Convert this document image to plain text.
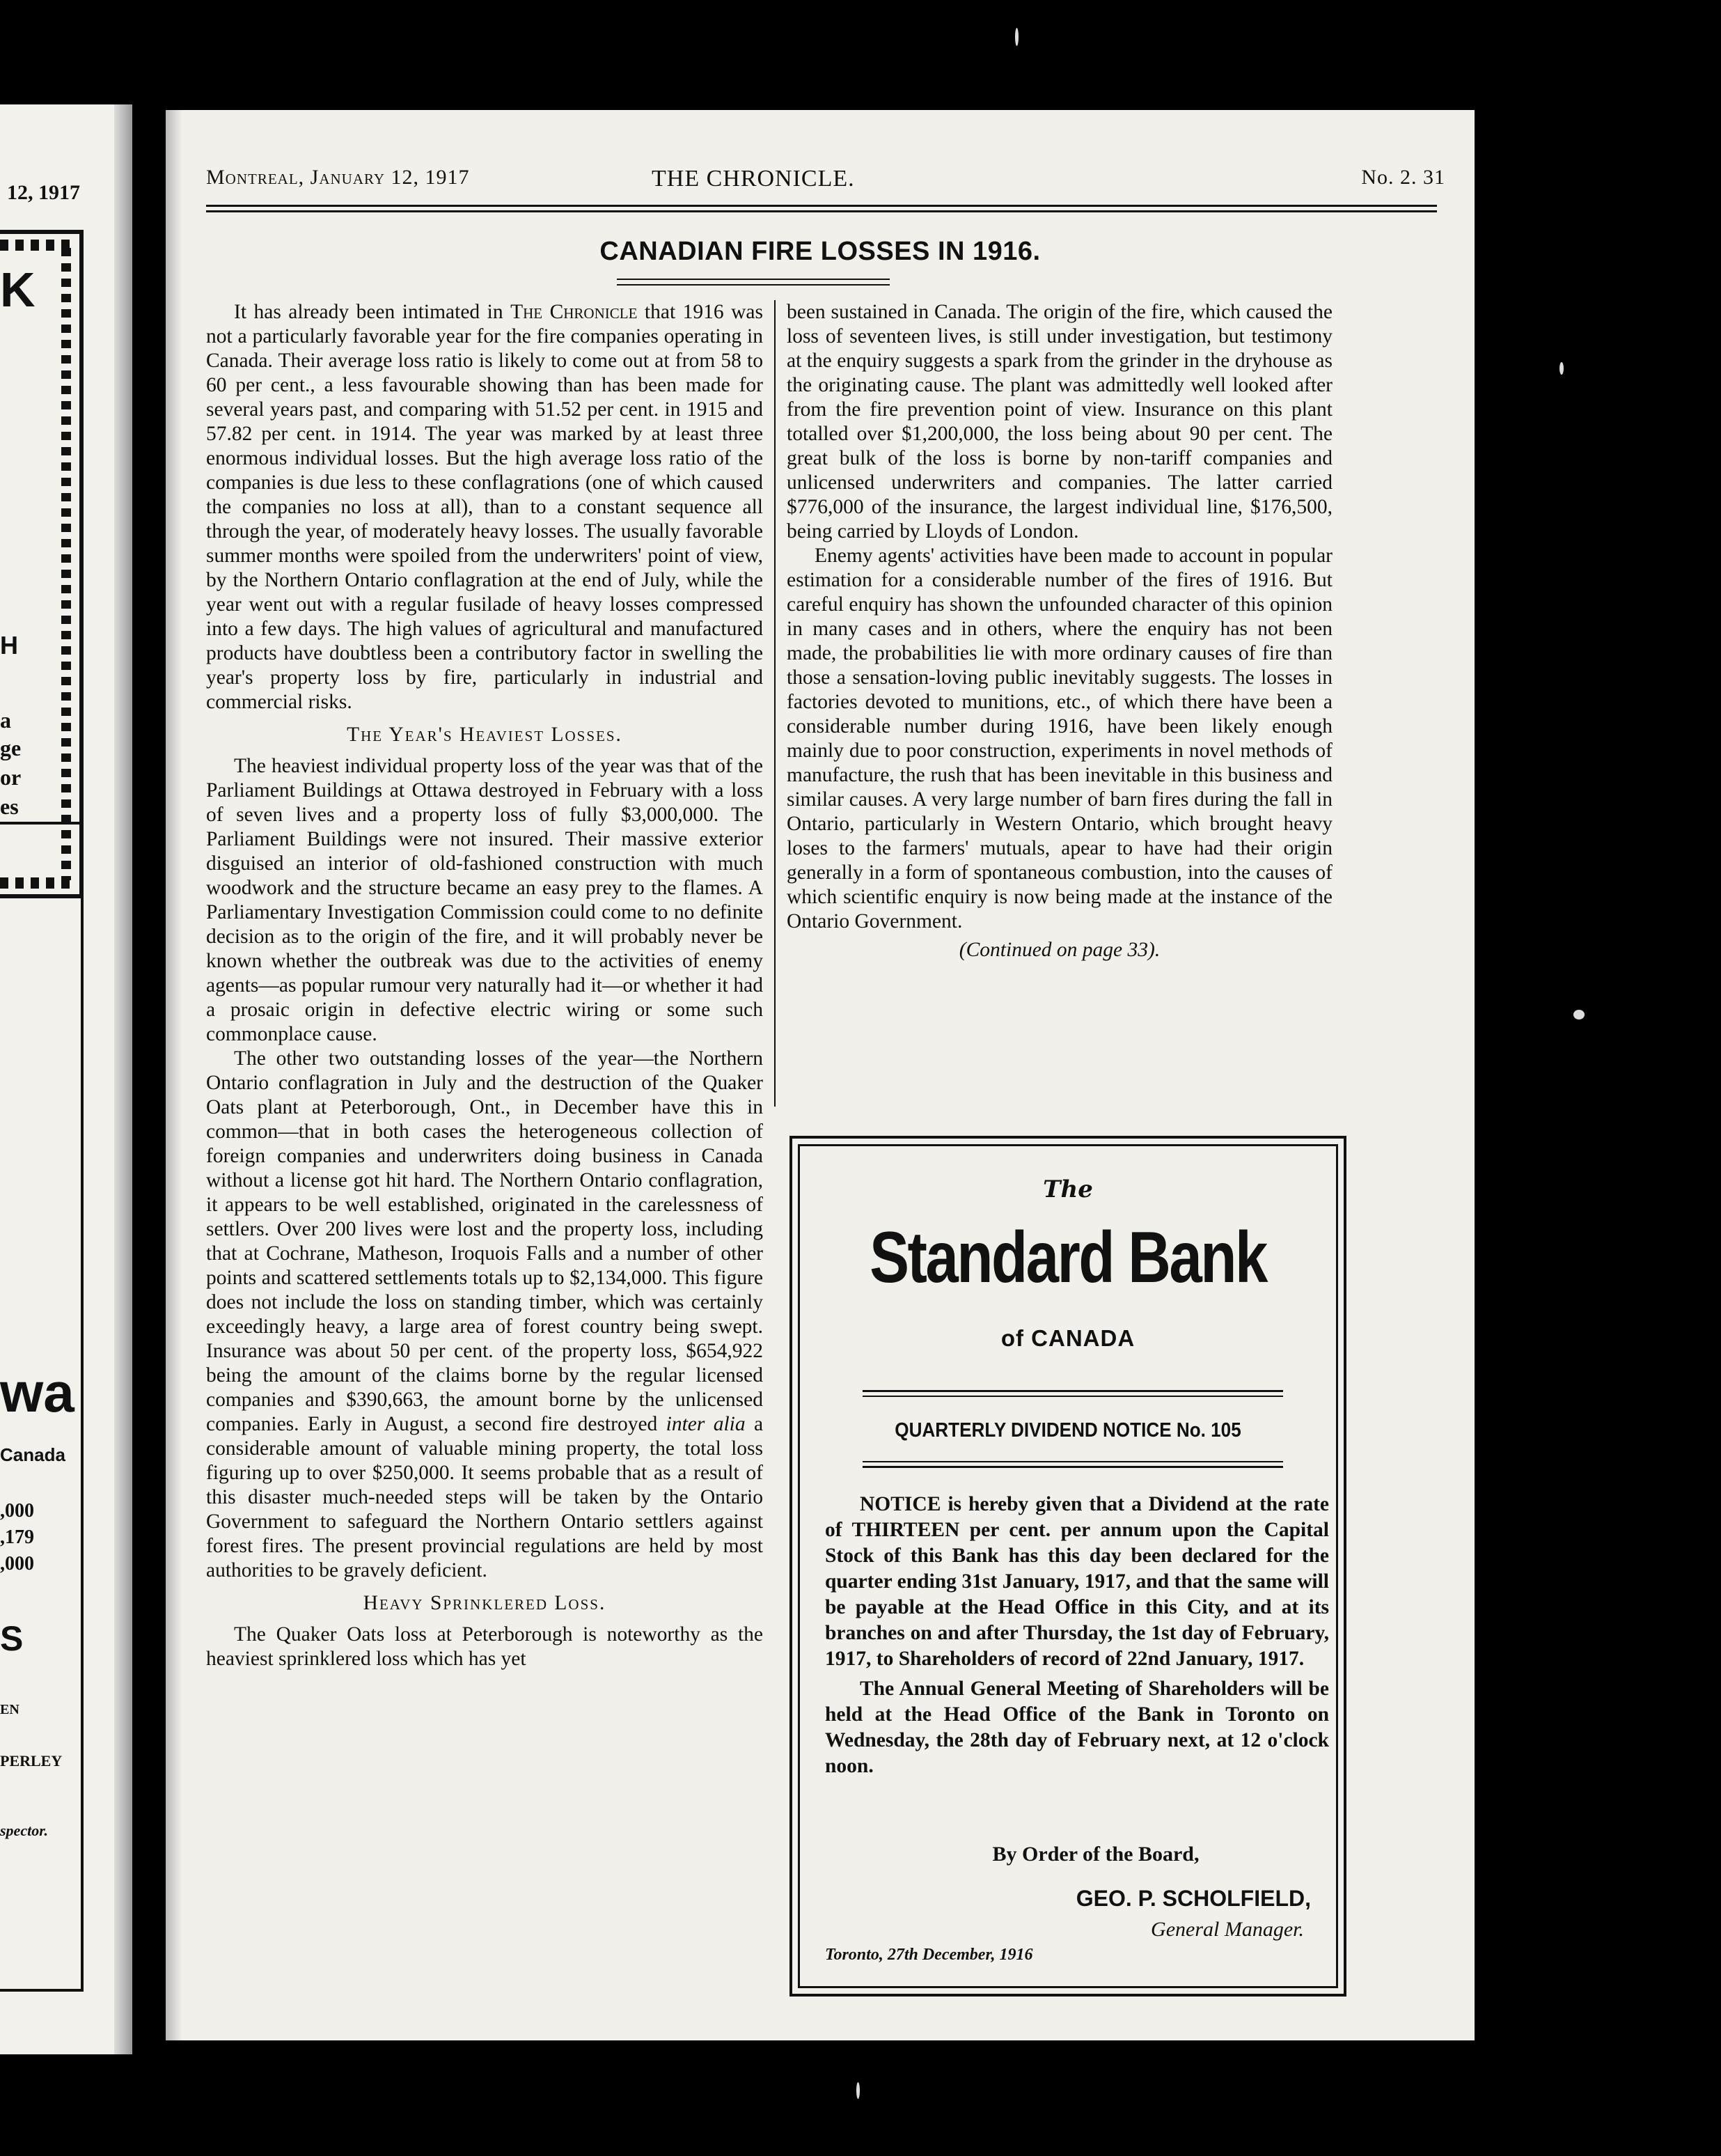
12, 1917
K
H
a
ge
or
es
wa
Canada
,000
,179
,000
S
EN
PERLEY
spector.
Montreal, January 12, 1917	THE CHRONICLE.	No. 2. 31
CANADIAN FIRE LOSSES IN 1916.

It has already been intimated in The Chronicle that 1916 was not a particularly favorable year for the fire companies operating in Canada. Their average loss ratio is likely to come out at from 58 to 60 per cent., a less favourable showing than has been made for several years past, and comparing with 51.52 per cent. in 1915 and 57.82 per cent. in 1914. The year was marked by at least three enormous individual losses. But the high average loss ratio of the companies is due less to these conflagrations (one of which caused the companies no loss at all), than to a constant sequence all through the year, of moderately heavy losses. The usually favorable summer months were spoiled from the underwriters' point of view, by the Northern Ontario conflagration at the end of July, while the year went out with a regular fusilade of heavy losses compressed into a few days. The high values of agricultural and manufactured products have doubtless been a contributory factor in swelling the year's property loss by fire, particularly in industrial and commercial risks.

The Year's Heaviest Losses.

The heaviest individual property loss of the year was that of the Parliament Buildings at Ottawa destroyed in February with a loss of seven lives and a property loss of fully $3,000,000. The Parliament Buildings were not insured. Their massive exterior disguised an interior of old-fashioned construction with much woodwork and the structure became an easy prey to the flames. A Parliamentary Investigation Commission could come to no definite decision as to the origin of the fire, and it will probably never be known whether the outbreak was due to the activities of enemy agents—as popular rumour very naturally had it—or whether it had a prosaic origin in defective electric wiring or some such commonplace cause.

The other two outstanding losses of the year—the Northern Ontario conflagration in July and the destruction of the Quaker Oats plant at Peterborough, Ont., in December have this in common—that in both cases the heterogeneous collection of foreign companies and underwriters doing business in Canada without a license got hit hard. The Northern Ontario conflagration, it appears to be well established, originated in the carelessness of settlers. Over 200 lives were lost and the property loss, including that at Cochrane, Matheson, Iroquois Falls and a number of other points and scattered settlements totals up to $2,134,000. This figure does not include the loss on standing timber, which was certainly exceedingly heavy, a large area of forest country being swept. Insurance was about 50 per cent. of the property loss, $654,922 being the amount of the claims borne by the regular licensed companies and $390,663, the amount borne by the unlicensed companies. Early in August, a second fire destroyed inter alia a considerable amount of valuable mining property, the total loss figuring up to over $250,000. It seems probable that as a result of this disaster much-needed steps will be taken by the Ontario Government to safeguard the Northern Ontario settlers against forest fires. The present provincial regulations are held by most authorities to be gravely deficient.

Heavy Sprinklered Loss.

The Quaker Oats loss at Peterborough is noteworthy as the heaviest sprinklered loss which has yet

been sustained in Canada. The origin of the fire, which caused the loss of seventeen lives, is still under investigation, but testimony at the enquiry suggests a spark from the grinder in the dryhouse as the originating cause. The plant was admittedly well looked after from the fire prevention point of view. Insurance on this plant totalled over $1,200,000, the loss being about 90 per cent. The great bulk of the loss is borne by non-tariff companies and unlicensed underwriters and companies. The latter carried $776,000 of the insurance, the largest individual line, $176,500, being carried by Lloyds of London.

Enemy agents' activities have been made to account in popular estimation for a considerable number of the fires of 1916. But careful enquiry has shown the unfounded character of this opinion in many cases and in others, where the enquiry has not been made, the probabilities lie with more ordinary causes of fire than those a sensation-loving public inevitably suggests. The losses in factories devoted to munitions, etc., of which there have been a considerable number during 1916, have been likely enough mainly due to poor construction, experiments in novel methods of manufacture, the rush that has been inevitable in this business and similar causes. A very large number of barn fires during the fall in Ontario, particularly in Western Ontario, which brought heavy loses to the farmers' mutuals, apear to have had their origin generally in a form of spontaneous combustion, into the causes of which scientific enquiry is now being made at the instance of the Ontario Government.

(Continued on page 33).

The
Standard Bank
of CANADA
QUARTERLY DIVIDEND NOTICE No. 105

NOTICE is hereby given that a Dividend at the rate of THIRTEEN per cent. per annum upon the Capital Stock of this Bank has this day been declared for the quarter ending 31st January, 1917, and that the same will be payable at the Head Office in this City, and at its branches on and after Thursday, the 1st day of February, 1917, to Shareholders of record of 22nd January, 1917.

The Annual General Meeting of Shareholders will be held at the Head Office of the Bank in Toronto on Wednesday, the 28th day of February next, at 12 o'clock noon.

By Order of the Board,
GEO. P. SCHOLFIELD,
General Manager.
Toronto, 27th December, 1916
